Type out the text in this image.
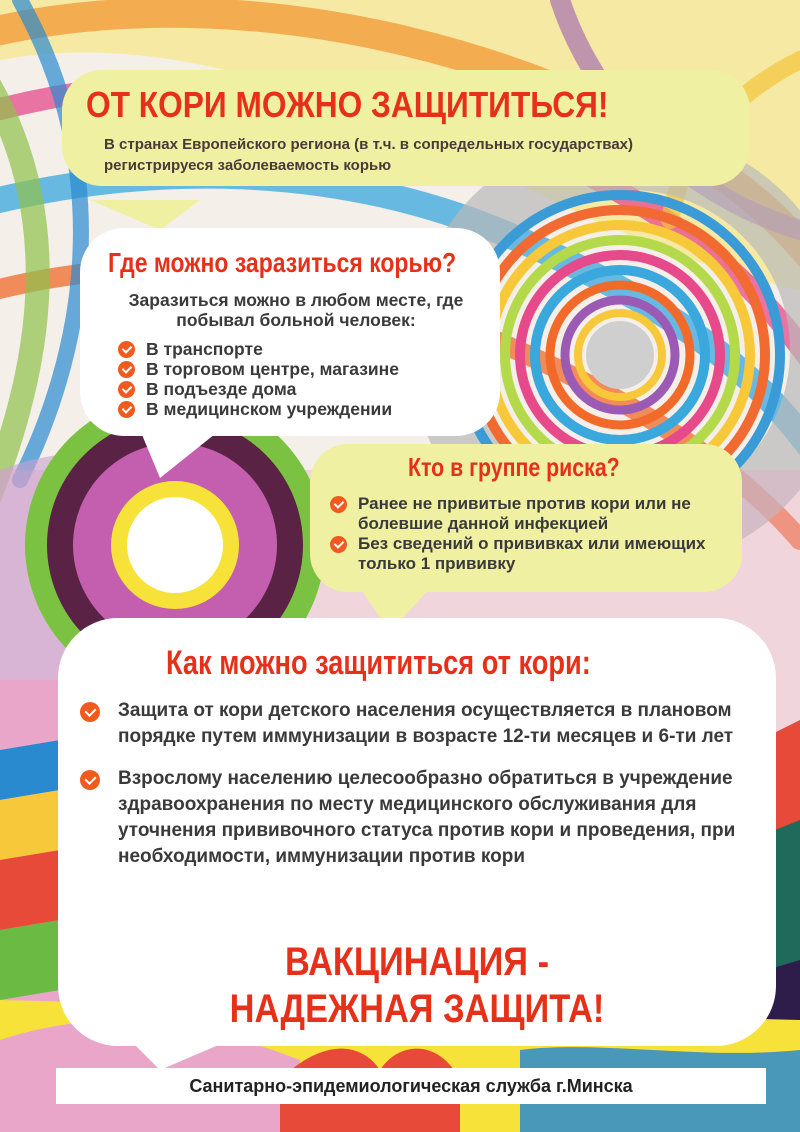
ОТ КОРИ МОЖНО ЗАЩИТИТЬСЯ!

В странах Европейского региона (в т.ч. в сопредельных государствах) регистрируеся заболеваемость корью

Где можно заразиться корью?

Заразиться можно в любом месте, где побывал больной человек:

В транспорте
В торговом центре, магазине
В подъезде дома
В медицинском учреждении
Кто в группе риска?
Ранее не привитые против кори или не болевшие данной инфекцией
Без сведений о прививках или имеющих только 1 прививку
Как можно защититься от кори:
Защита от кори детского населения осуществляется в плановом порядке путем иммунизации в возрасте 12-ти месяцев и 6-ти лет
Взрослому населению целесообразно обратиться в учреждение здравоохранения по месту медицинского обслуживания для уточнения прививочного статуса против кори и проведения, при необходимости, иммунизации против кори
ВАКЦИНАЦИЯ -
НАДЕЖНАЯ ЗАЩИТА!
Санитарно-эпидемиологическая служба г.Минска
